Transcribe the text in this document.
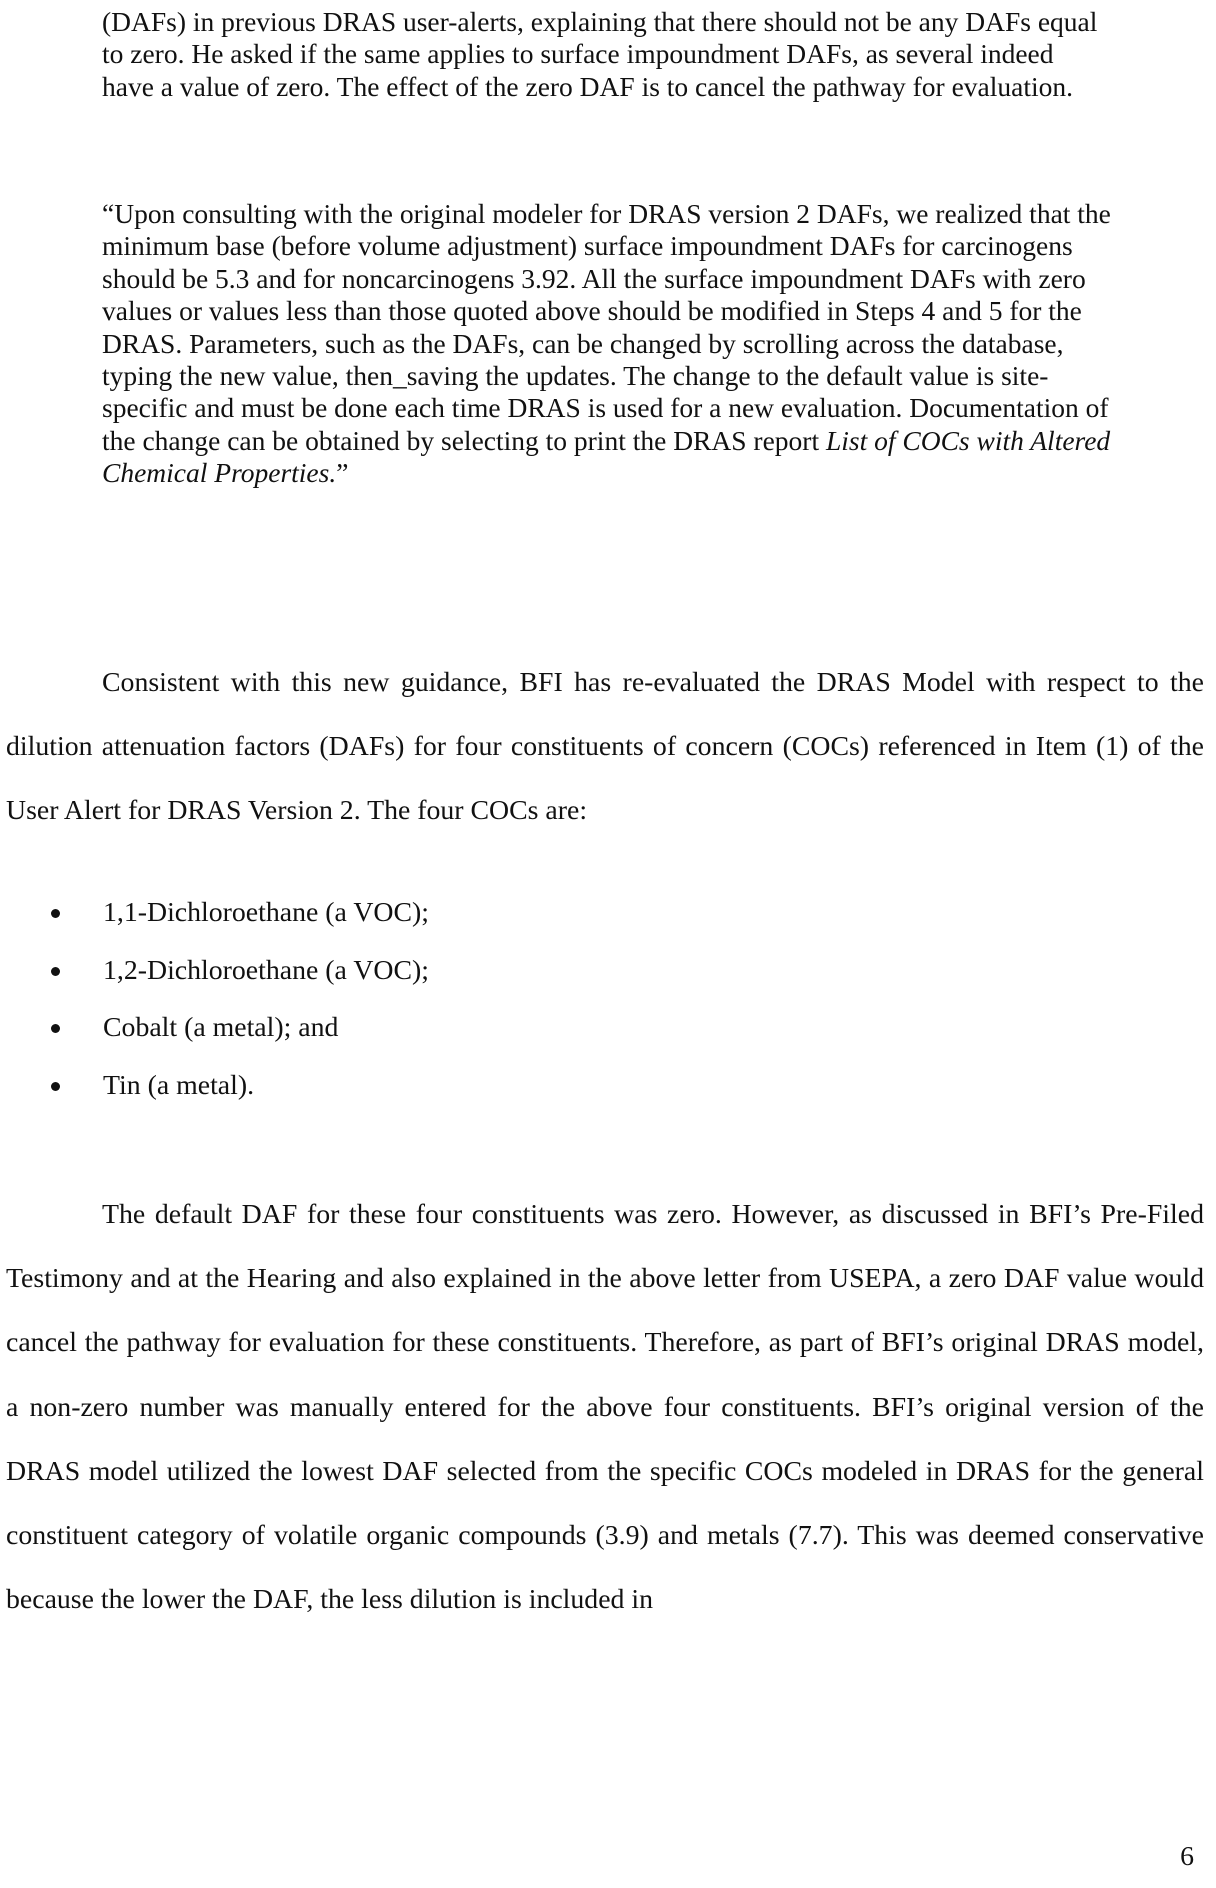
(DAFs) in previous DRAS user-alerts, explaining that there should not be any DAFs equal to zero. He asked if the same applies to surface impoundment DAFs, as several indeed have a value of zero. The effect of the zero DAF is to cancel the pathway for evaluation.

“Upon consulting with the original modeler for DRAS version 2 DAFs, we realized that the minimum base (before volume adjustment) surface impoundment DAFs for carcinogens should be 5.3 and for noncarcinogens 3.92. All the surface impoundment DAFs with zero values or values less than those quoted above should be modified in Steps 4 and 5 for the DRAS. Parameters, such as the DAFs, can be changed by scrolling across the database, typing the new value, then_saving the updates. The change to the default value is site-specific and must be done each time DRAS is used for a new evaluation. Documentation of the change can be obtained by selecting to print the DRAS report List of COCs with Altered Chemical Properties.”

Consistent with this new guidance, BFI has re-evaluated the DRAS Model with respect to the dilution attenuation factors (DAFs) for four constituents of concern (COCs) referenced in Item (1) of the User Alert for DRAS Version 2. The four COCs are:

1,1-Dichloroethane (a VOC);
1,2-Dichloroethane (a VOC);
Cobalt (a metal); and
Tin (a metal).

The default DAF for these four constituents was zero. However, as discussed in BFI’s Pre-Filed Testimony and at the Hearing and also explained in the above letter from USEPA, a zero DAF value would cancel the pathway for evaluation for these constituents. Therefore, as part of BFI’s original DRAS model, a non-zero number was manually entered for the above four constituents. BFI’s original version of the DRAS model utilized the lowest DAF selected from the specific COCs modeled in DRAS for the general constituent category of volatile organic compounds (3.9) and metals (7.7). This was deemed conservative because the lower the DAF, the less dilution is included in

6
